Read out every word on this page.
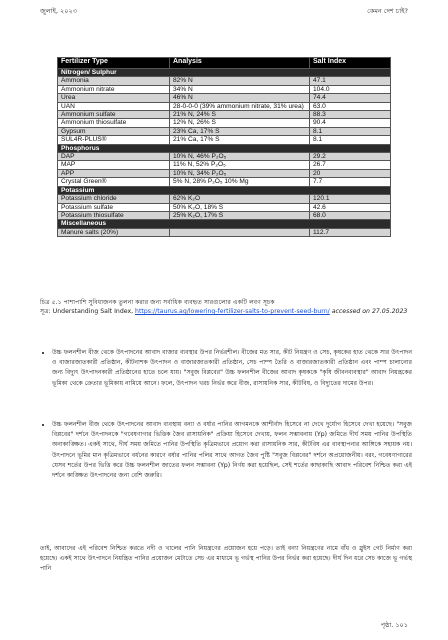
জুলাই, ২০২৩	কেমন দেশ চাই?
Fertilizer Type	Analysis	Salt Index
Nitrogen/ Sulphur		
Ammonia	82% N	47.1
Ammonium nitrate	34% N	104.0
Urea	46% N	74.4
UAN	28-0-0-0 (39% ammonium nitrate, 31% urea)	63.0
Ammonium sulfate	21% N, 24% S	88.3
Ammonium thiosulfate	12% N, 26% S	90.4
Gypsum	23% Ca, 17% S	8.1
SUL4R-PLUS®	21% Ca, 17% S	8.1
Phosphorus		
DAP	10% N, 46% P₂O₅	29.2
MAP	11% N, 52% P₂O₅	26.7
APP	10% N, 34% P₂O₅	20
Crystal Green®	5% N, 28% P₂O₅ 10% Mg	7.7
Potassium		
Potassium chloride	62% K₂O	120.1
Potassium sulfate	50% K₂O, 18% S	42.6
Potassium thiosulfate	25% K₂O, 17% S	68.0
Miscellaneous		
Manure salts (20%)		112.7
চিত্র ৫.১ পাশাপাশি সুবিধাজনক তুলনা করার জন্য সর্বাধিক ব্যবহৃত সারগুলোর একটি লবণ সূচক
সূত্র: Understanding Salt Index, https://taurus.ag/lowering-fertilizer-salts-to-prevent-seed-burn/ accessed on 27.05.2023
• উচ্চ ফলনশীল বীজ থেকে উৎপাদনের আবাদ বাজার ব্যবস্থার উপর নির্ভরশীল। বীজের মত সার, কীট নিয়ন্ত্রণ ও সেচ, কৃষকের হাত থেকে সার উৎপাদন ও বাজারজাতকারী প্রতিষ্ঠান, কীটনাশক উৎপাদন ও বাজারজাতকারী প্রতিষ্ঠান, সেচ পাম্প তৈরি ও বাজারজাতকারী প্রতিষ্ঠান এবং পাম্প চালানোর জন্য বিদ্যুৎ উৎপাদনকারী প্রতিষ্ঠানের হাতে চলে যায়। "সবুজ বিপ্লবের" উচ্চ ফলনশীল বীজের আবাদ কৃষককে "কৃষি জীবনব্যবস্থার" আবাদ নিয়ন্ত্রকের ভূমিকা থেকে ক্রেতার ভূমিকায় নামিয়ে আনে। ফলে, উৎপাদন খরচ নির্ভর করে বীজ, রাসায়নিক সার, কীটবিষ, ও বিদ্যুতের দামের উপর।
• উচ্চ ফলনশীল বীজ থেকে উৎপাদনের আবাদ ব্যবস্থায় বন্যা ও বর্ষার পানির আগমনকে আশীর্বাদ হিসেবে না দেখে দুর্যোগ হিসেবে দেখা হয়েছে। "সবুজ বিপ্লবের" দর্শনে উৎপাদনকে "গবেষণাগার ভিত্তিক জৈব রাসায়নিক" প্রক্রিয়া হিসেবে দেখায়, ফলন সম্ভাবনায় (Yp) জমিতে দীর্ঘ সময় পানির উপস্থিতি অনাকাঙ্ক্ষিত। একই সাথে, দীর্ঘ সময় জমিতে পানির উপস্থিতি কৃত্রিমভাবে প্রয়োগ করা রাসায়নিক সার, কীটবিষ এর ব্যবস্থাপনার আঙ্গিকে সহায়ক নয়। উৎপাদনে ভূমির মান কৃত্রিমভাবে বর্ধনের কারণে বর্ষার পানির পলির সাথে আগত জৈব পুষ্টি "সবুজ বিপ্লবের" দর্শনে অপ্রয়োজনীয়। বরং, গবেষণাগারের যেসব শর্তের উপর ভিত্তি করে উচ্চ ফলনশীল জাতের ফলন সম্ভাবনা (Yp) নির্ণয় করা হয়েছিল, সেই শর্তের কাছাকাছি আবাদ পরিবেশ নিশ্চিত করা এই দর্শনে কাঙ্ক্ষিত উৎপাদনের জন্য বেশি জরুরি।
তাই, আবাদের এই পরিবেশ নিশ্চিত করতে নদী ও খালের পানি নিয়ন্ত্রণের প্রয়োজন হয়ে পড়ে। তাই বন্যা নিয়ন্ত্রণের নামে বাঁধ ও স্লুইস গেট নির্মাণ করা হয়েছে। একই সাথে উৎপাদনে নিয়ন্ত্রিত পানির প্রয়োজন মেটাতে সেচ এর মাধ্যমে ভূ গর্ভস্থ পানির উপর নির্ভর করা হয়েছে। দীর্ঘ দিন ধরে সেচ কাজে ভূ গর্ভস্থ পানি
পৃষ্ঠা. ১০১
